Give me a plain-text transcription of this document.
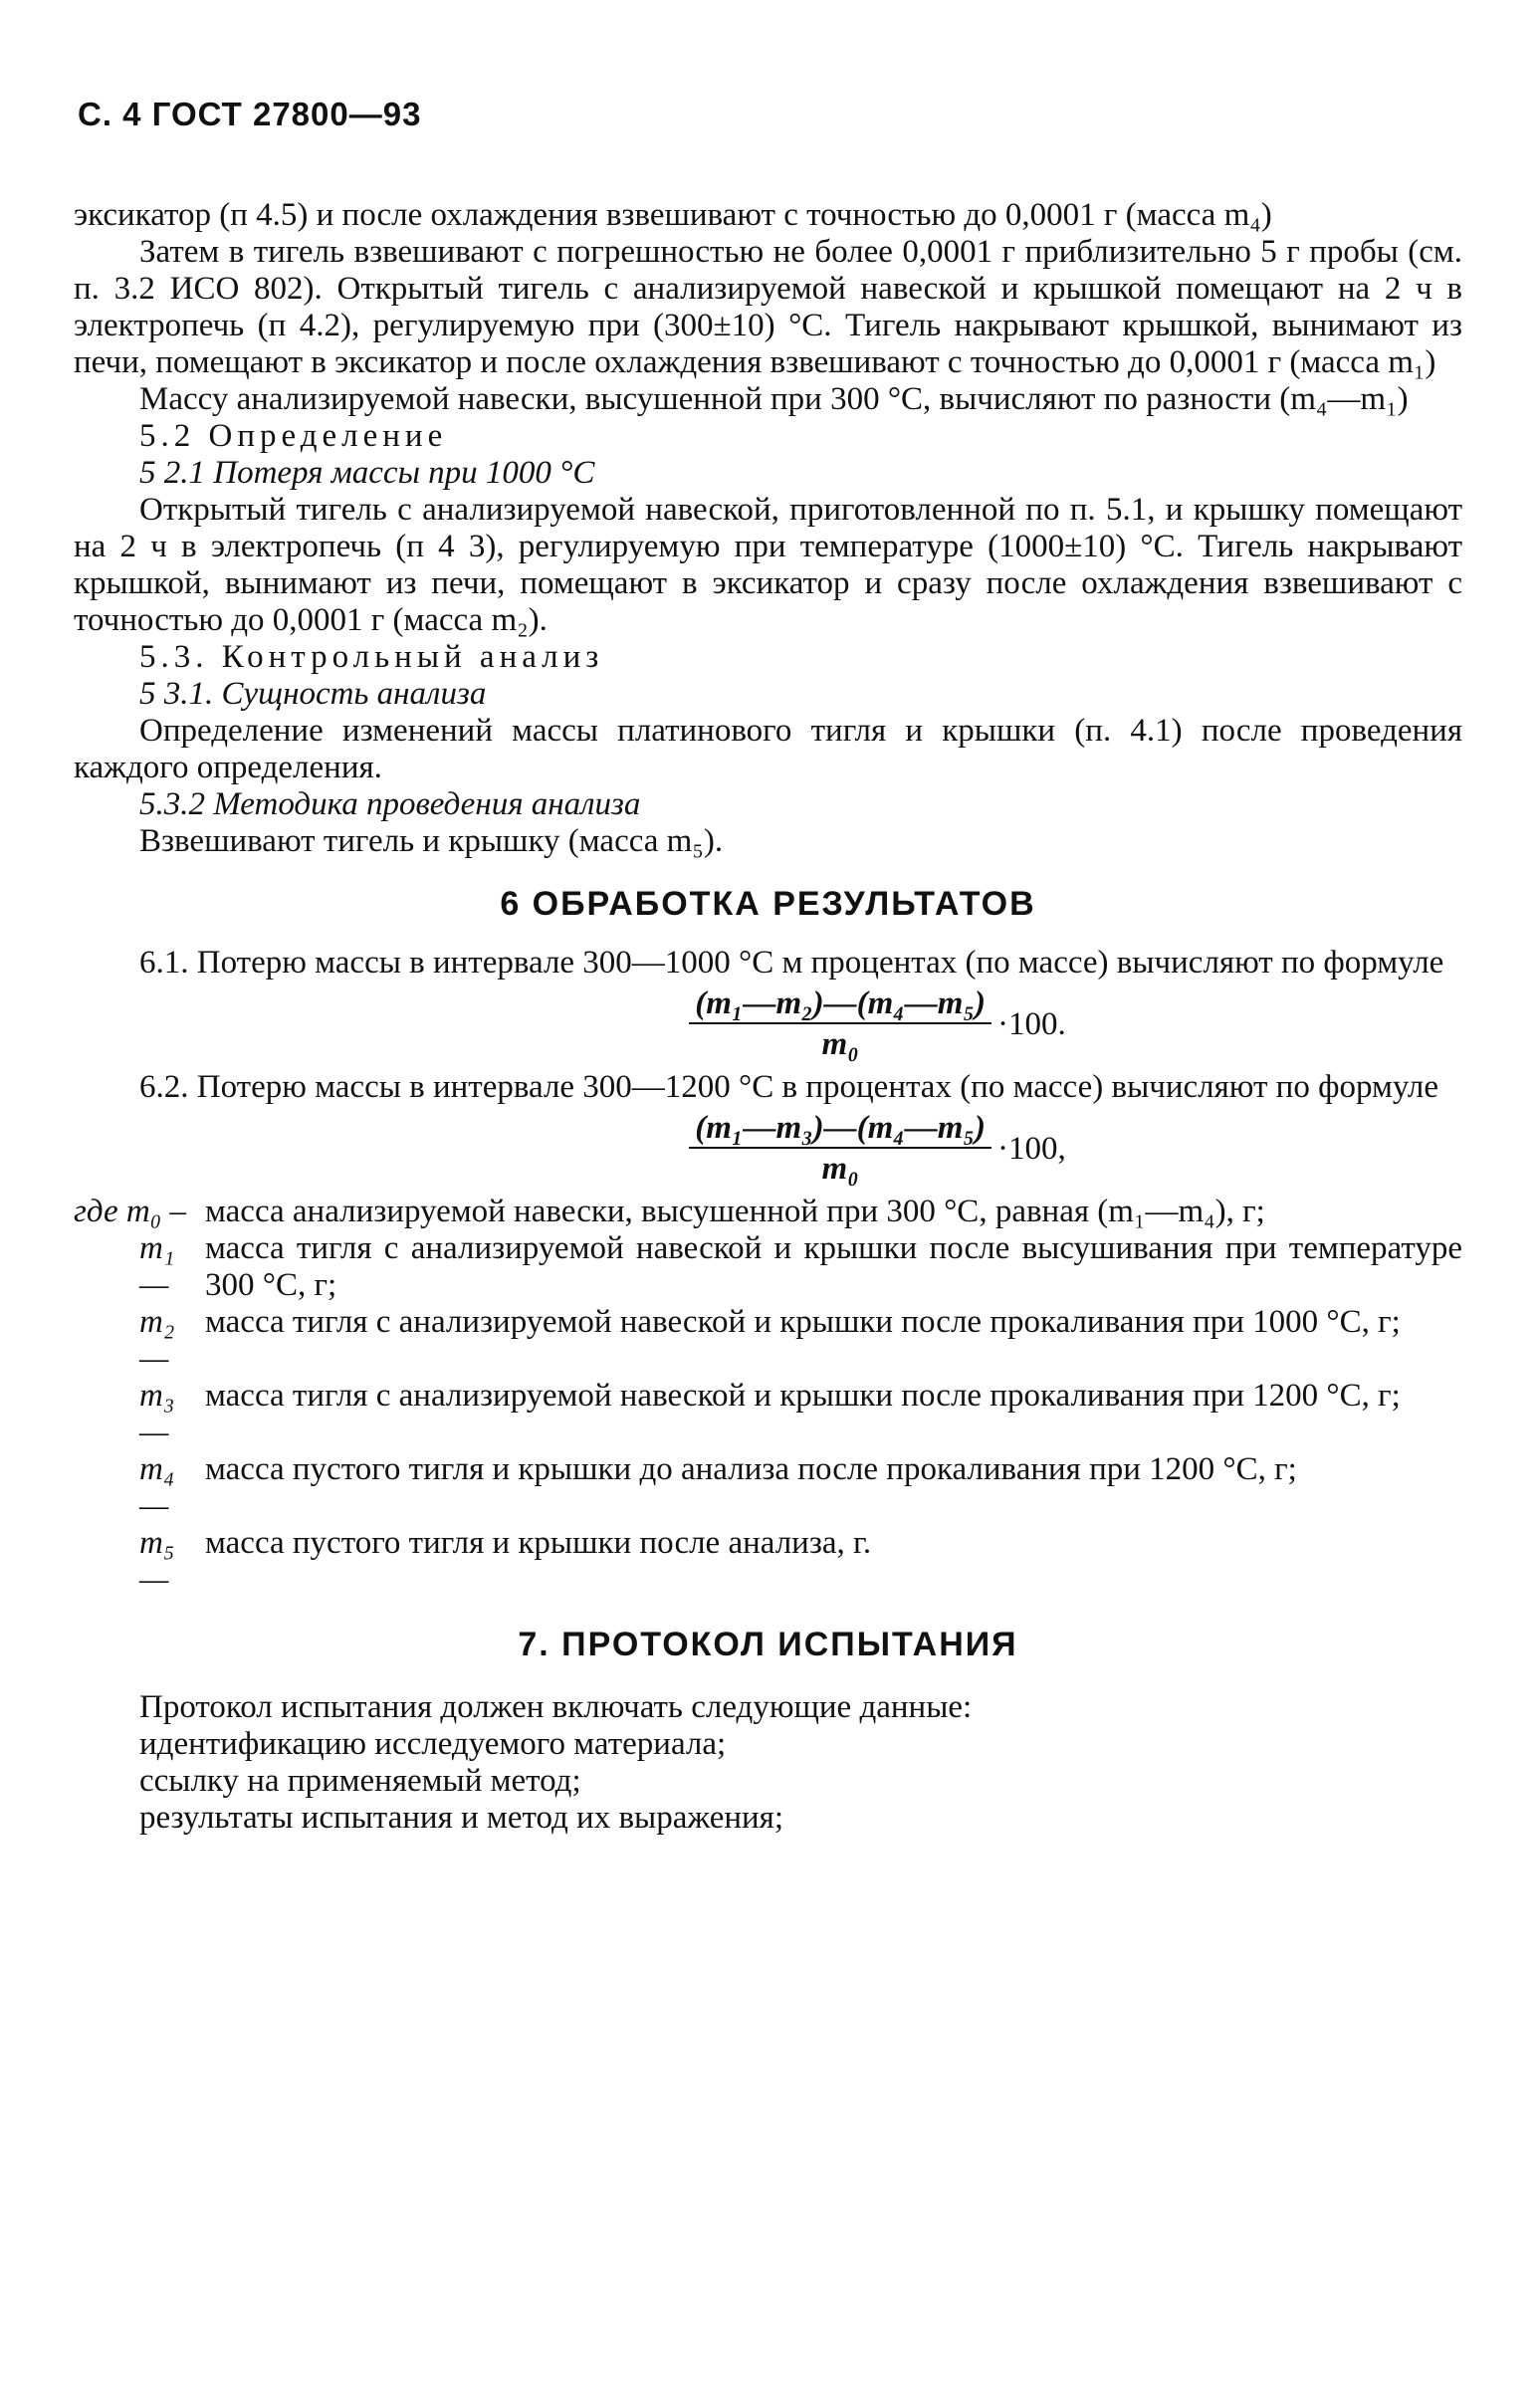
С. 4 ГОСТ 27800—93

эксикатор (п 4.5) и после охлаждения взвешивают с точностью до 0,0001 г (масса m₄)

Затем в тигель взвешивают с погрешностью не более 0,0001 г приблизительно 5 г пробы (см. п. 3.2 ИСО 802). Открытый тигель с анализируемой навеской и крышкой помещают на 2 ч в электропечь (п 4.2), регулируемую при (300±10) °С. Тигель накрывают крышкой, вынимают из печи, помещают в эксикатор и после охлаждения взвешивают с точностью до 0,0001 г (масса m₁)

Массу анализируемой навески, высушенной при 300 °С, вычисляют по разности (m₄—m₁)

5.2 Определение

5 2.1 Потеря массы при 1000 °С

Открытый тигель с анализируемой навеской, приготовленной по п. 5.1, и крышку помещают на 2 ч в электропечь (п 4 3), регулируемую при температуре (1000±10) °С. Тигель накрывают крышкой, вынимают из печи, помещают в эксикатор и сразу после охлаждения взвешивают с точностью до 0,0001 г (масса m₂).

5.3. Контрольный анализ

5 3.1. Сущность анализа

Определение изменений массы платинового тигля и крышки (п. 4.1) после проведения каждого определения.

5.3.2 Методика проведения анализа

Взвешивают тигель и крышку (масса m₅).

6 ОБРАБОТКА РЕЗУЛЬТАТОВ

6.1. Потерю массы в интервале 300—1000 °С м процентах (по массе) вычисляют по формуле

$\frac{\text{(m₁—m₂)—(m₄—m₅)}}{\text{m₀}} \cdot 100$.

6.2. Потерю массы в интервале 300—1200 °С в процентах (по массе) вычисляют по формуле

$\frac{\text{(m₁—m₃)—(m₄—m₅)}}{\text{m₀}} \cdot 100$,
где m₀ – масса анализируемой навески, высушенной при 300 °С, равная (m₁—m₄), г;
m₁ —
масса тигля с анализируемой навеской и крышки после высушивания при температуре 300 °С, г;
m₂ —
масса тигля с анализируемой навеской и крышки после прокаливания при 1000 °С, г;
m₃ —
масса тигля с анализируемой навеской и крышки после прокаливания при 1200 °С, г;
m₄ —
масса пустого тигля и крышки до анализа после прокаливания при 1200 °С, г;
m₅ —
масса пустого тигля и крышки после анализа, г.
7. ПРОТОКОЛ ИСПЫТАНИЯ

Протокол испытания должен включать следующие данные:

идентификацию исследуемого материала;

ссылку на применяемый метод;

результаты испытания и метод их выражения;
